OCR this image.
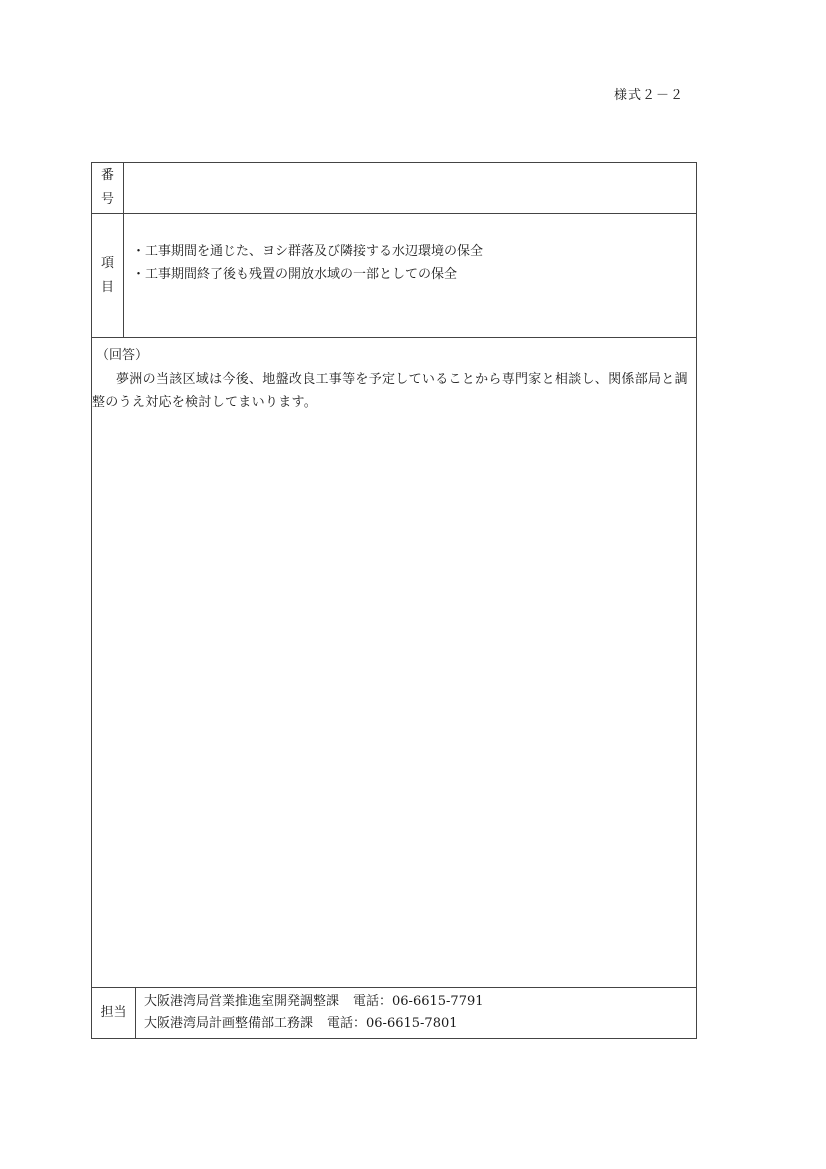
様式２－２
番
号
項
目
・工事期間を通じた、ヨシ群落及び隣接する水辺環境の保全
・工事期間終了後も残置の開放水域の一部としての保全
（回答）
夢洲の当該区域は今後、地盤改良工事等を予定していることから専門家と相談し、関係部局と調整のうえ対応を検討してまいります。
担当
大阪港湾局営業推進室開発調整課 電話：06-6615-7791
大阪港湾局計画整備部工務課 電話：06-6615-7801
